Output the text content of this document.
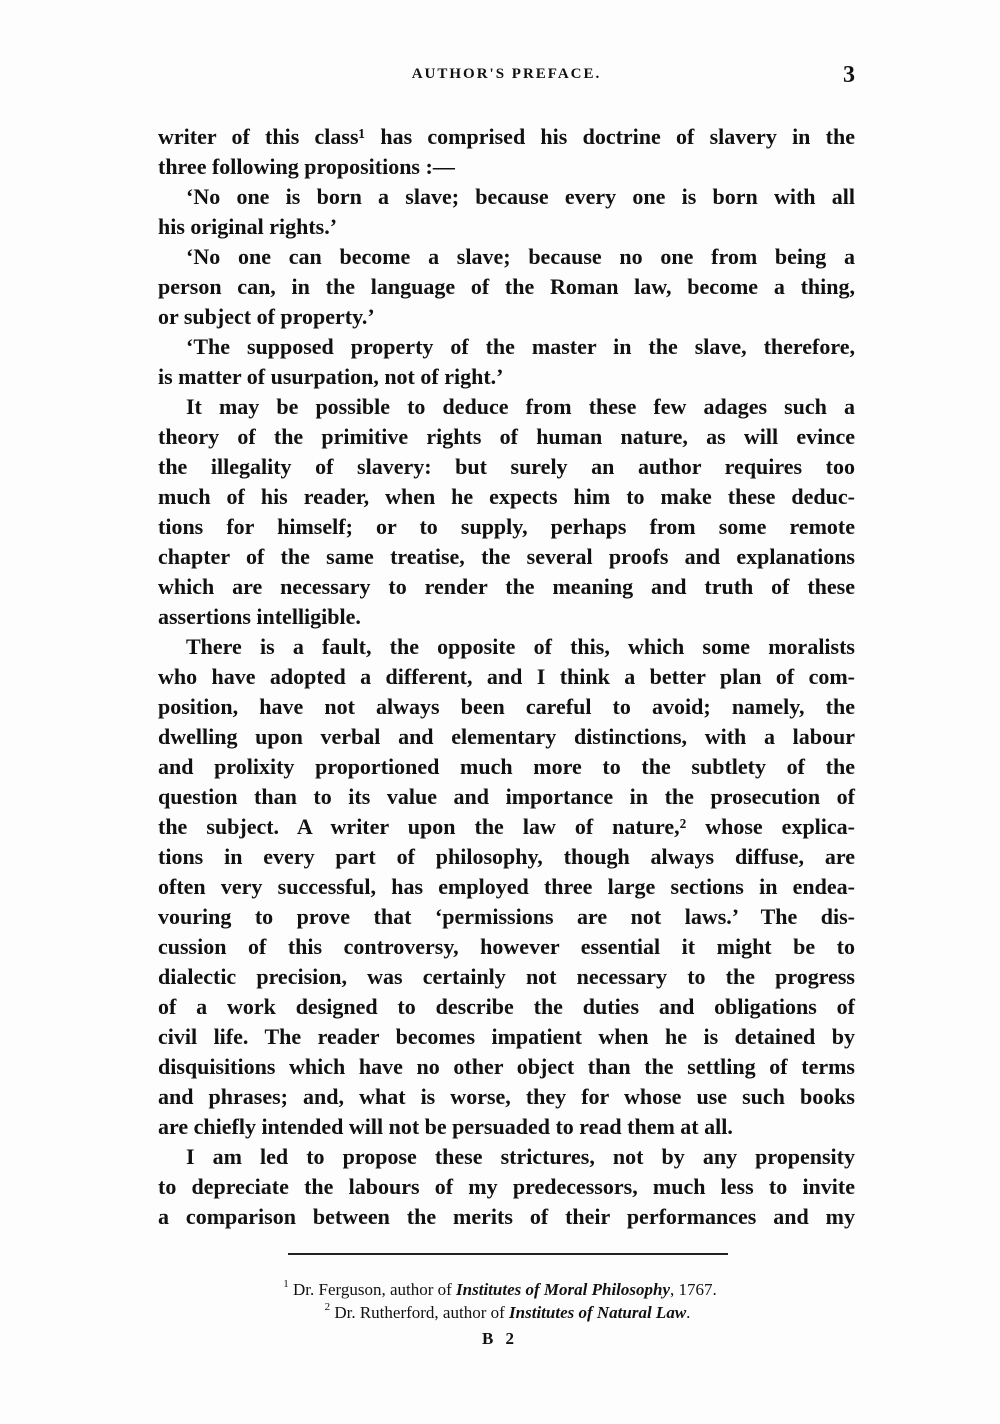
AUTHOR'S PREFACE.	3
writer of this class¹ has comprised his doctrine of slavery in the
three following propositions :—
‘No one is born a slave; because every one is born with all
his original rights.’
‘No one can become a slave; because no one from being a
person can, in the language of the Roman law, become a thing,
or subject of property.’
‘The supposed property of the master in the slave, therefore,
is matter of usurpation, not of right.’
It may be possible to deduce from these few adages such a
theory of the primitive rights of human nature, as will evince
the illegality of slavery: but surely an author requires too
much of his reader, when he expects him to make these deduc-
tions for himself; or to supply, perhaps from some remote
chapter of the same treatise, the several proofs and explanations
which are necessary to render the meaning and truth of these
assertions intelligible.
There is a fault, the opposite of this, which some moralists
who have adopted a different, and I think a better plan of com-
position, have not always been careful to avoid; namely, the
dwelling upon verbal and elementary distinctions, with a labour
and prolixity proportioned much more to the subtlety of the
question than to its value and importance in the prosecution of
the subject. A writer upon the law of nature,² whose explica-
tions in every part of philosophy, though always diffuse, are
often very successful, has employed three large sections in endea-
vouring to prove that ‘permissions are not laws.’ The dis-
cussion of this controversy, however essential it might be to
dialectic precision, was certainly not necessary to the progress
of a work designed to describe the duties and obligations of
civil life. The reader becomes impatient when he is detained by
disquisitions which have no other object than the settling of terms
and phrases; and, what is worse, they for whose use such books
are chiefly intended will not be persuaded to read them at all.
I am led to propose these strictures, not by any propensity
to depreciate the labours of my predecessors, much less to invite
a comparison between the merits of their performances and my
$^1$ Dr. Ferguson, author of Institutes of Moral Philosophy, 1767.
$^2$ Dr. Rutherford, author of Institutes of Natural Law.
B 2
